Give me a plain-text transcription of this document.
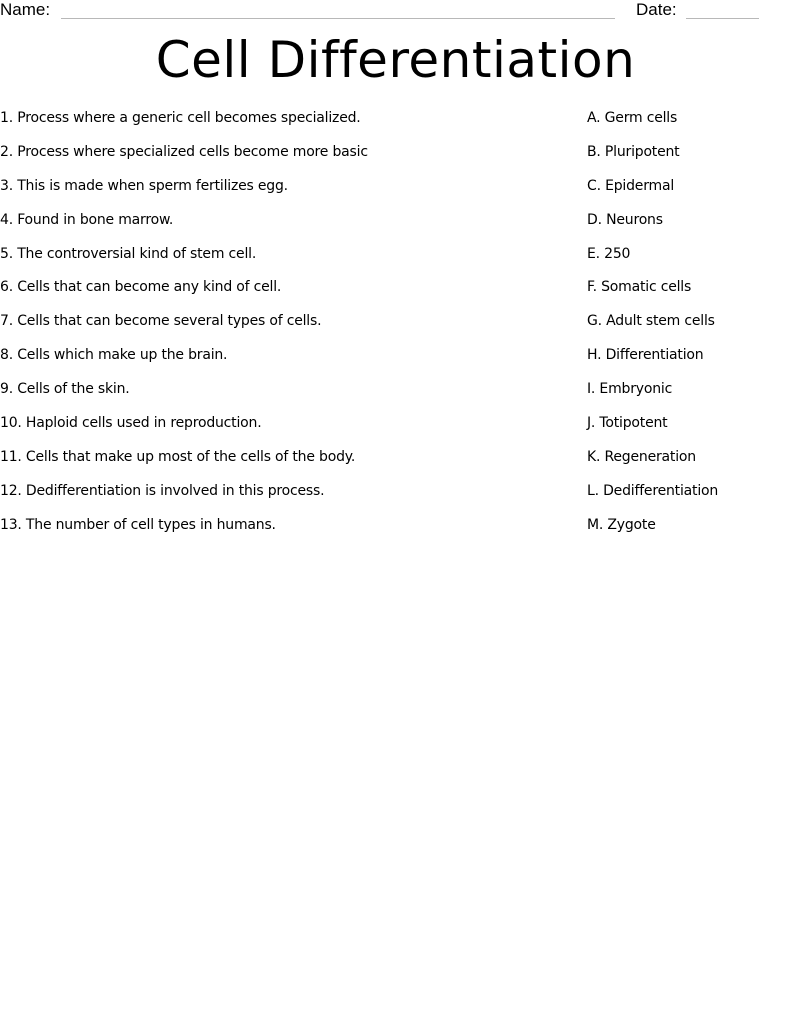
Name:	Date:
Cell Differentiation
1. Process where a generic cell becomes specialized.
2. Process where specialized cells become more basic
3. This is made when sperm fertilizes egg.
4. Found in bone marrow.
5. The controversial kind of stem cell.
6. Cells that can become any kind of cell.
7. Cells that can become several types of cells.
8. Cells which make up the brain.
9. Cells of the skin.
10. Haploid cells used in reproduction.
11. Cells that make up most of the cells of the body.
12. Dedifferentiation is involved in this process.
13. The number of cell types in humans.
A. Germ cells
B. Pluripotent
C. Epidermal
D. Neurons
E. 250
F. Somatic cells
G. Adult stem cells
H. Differentiation
I. Embryonic
J. Totipotent
K. Regeneration
L. Dedifferentiation
M. Zygote
